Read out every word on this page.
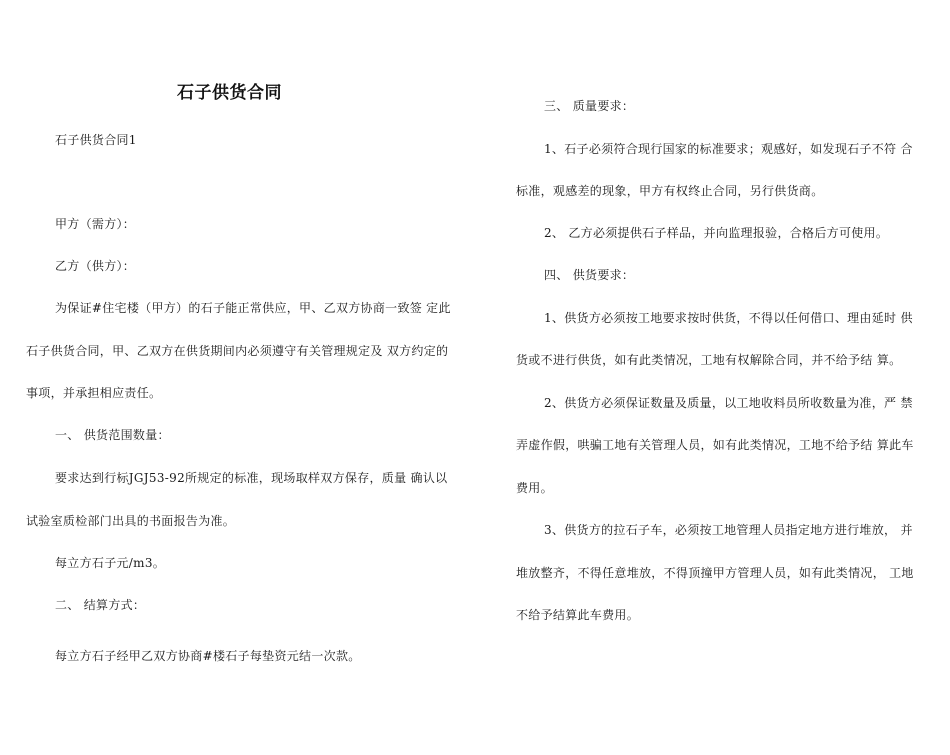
石子供货合同
石子供货合同1
甲方（需方）：
乙方（供方）：
为保证#住宅楼（甲方）的石子能正常供应，甲、乙双方协商一致签 定此
石子供货合同，甲、乙双方在供货期间内必须遵守有关管理规定及 双方约定的
事项，并承担相应责任。
一、 供货范围数量：
要求达到行标JGJ53-92所规定的标准，现场取样双方保存，质量 确认以
试验室质检部门出具的书面报告为准。
每立方石子元/m3。
二、 结算方式：
每立方石子经甲乙双方协商#楼石子每垫资元结一次款。
三、 质量要求：
1、石子必须符合现行国家的标准要求；观感好，如发现石子不符 合
标准，观感差的现象，甲方有权终止合同，另行供货商。
2、 乙方必须提供石子样品，并向监理报验，合格后方可使用。
四、 供货要求：
1、供货方必须按工地要求按时供货，不得以任何借口、理由延时 供
货或不进行供货，如有此类情况，工地有权解除合同，并不给予结 算。
2、供货方必须保证数量及质量，以工地收料员所收数量为准，严 禁
弄虚作假，哄骗工地有关管理人员，如有此类情况，工地不给予结 算此车
费用。
3、供货方的拉石子车，必须按工地管理人员指定地方进行堆放， 并
堆放整齐，不得任意堆放，不得顶撞甲方管理人员，如有此类情况， 工地
不给予结算此车费用。
